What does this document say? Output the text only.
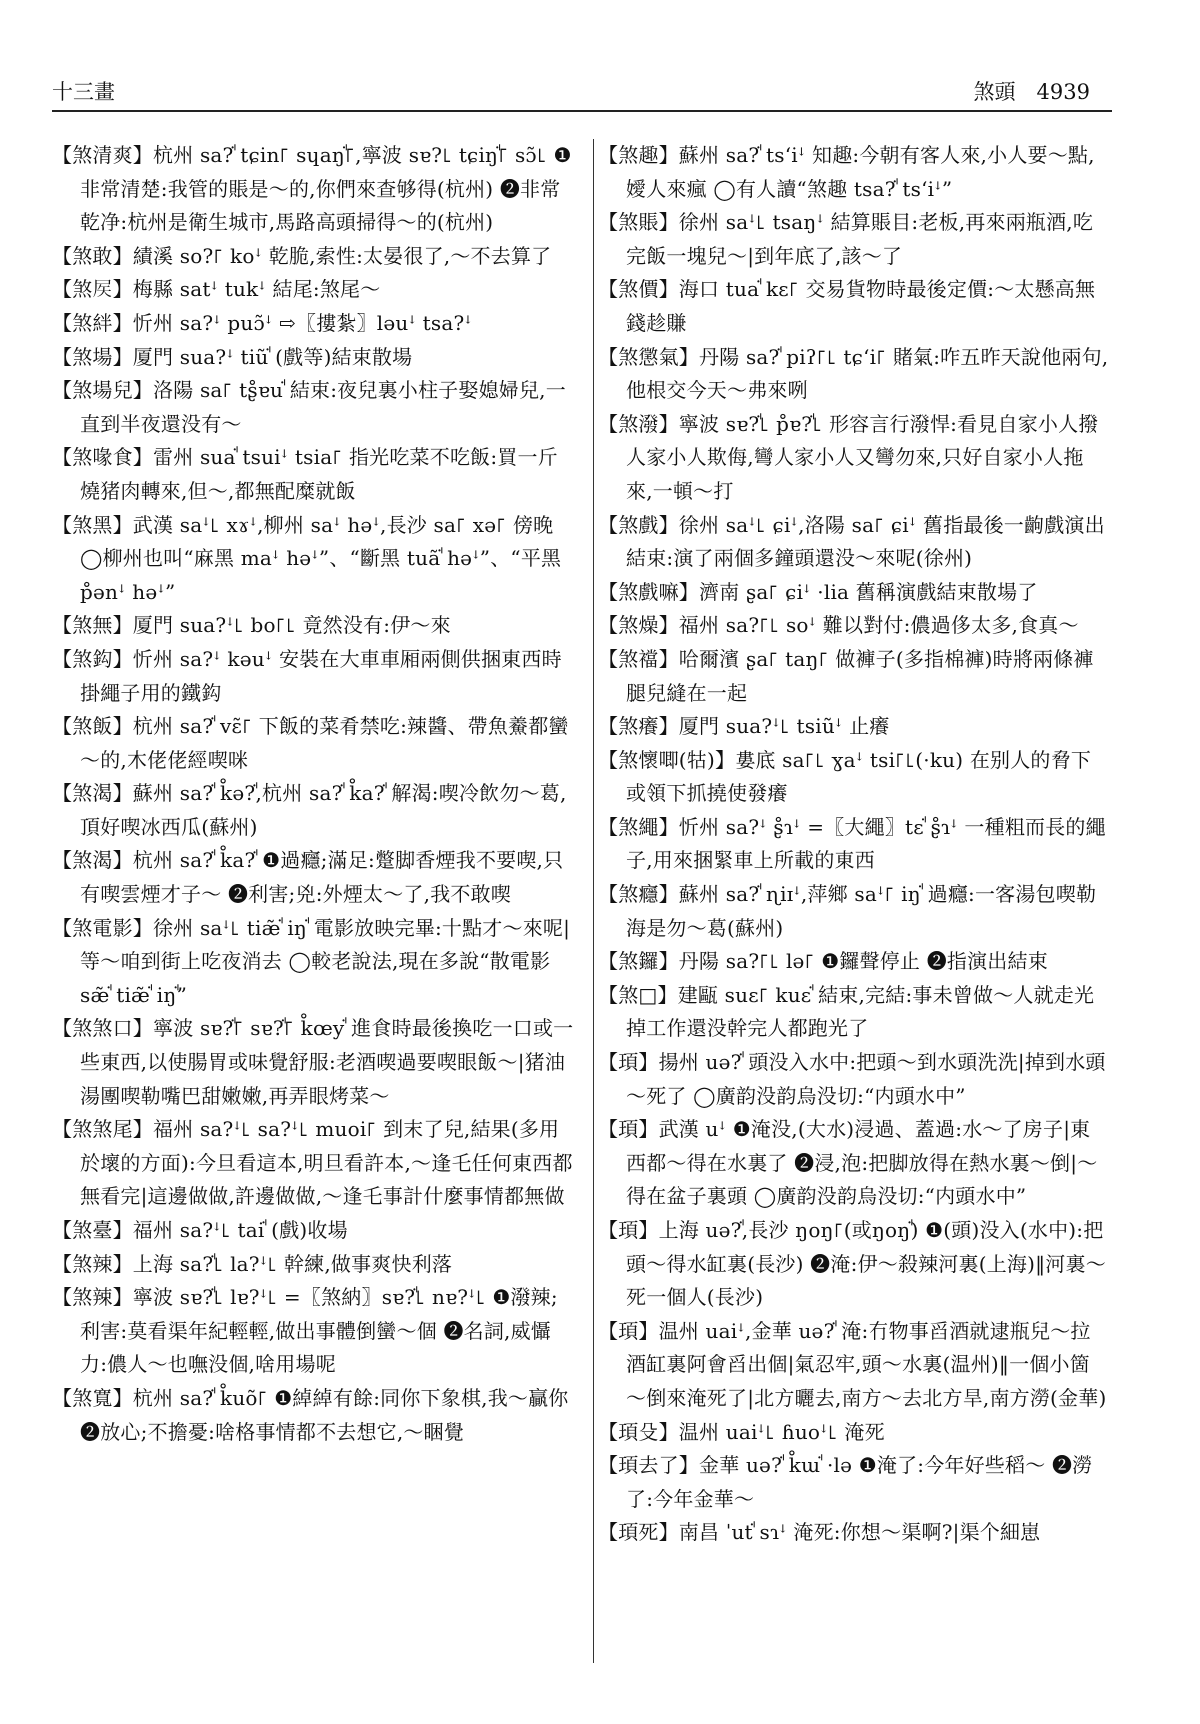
十三畫	煞頭　4939

【煞清爽】杭州 sa?ꜗ tɕin꜒ sɥaŋꜗ꜒,寧波 sɐ?꜖ tɕiŋꜗ꜒ sɔ̃꜖ ❶非常清楚:我管的賬是～的,你們來查够得(杭州) ❷非常乾净:杭州是衛生城市,馬路高頭掃得～的(杭州)

【煞敢】績溪 so?꜒ koꜜ 乾脆,索性:太晏很了,～不去算了

【煞𡱁】梅縣 satꜜ tukꜜ 結尾:煞尾～

【煞絆】忻州 sa?ꜜ puɔ̃ꜜ ⇨〖摟紮〗ləuꜜ tsa?ꜜ

【煞場】厦門 sua?ꜜ tiũꜗ (戲等)結束散場

【煞場兒】洛陽 sa꜒ tʂ̊ɐuꜗ 結束:夜兒裏小柱子娶媳婦兒,一直到半夜還没有～

【煞喙食】雷州 suaꜗ tsuiꜜ tsia꜒ 指光吃菜不吃飯:買一斤燒猪肉轉來,但～,都無配糜就飯

【煞黑】武漢 saꜜ꜖ xɤꜜ,柳州 saꜜ həꜜ,長沙 sa꜒ xə꜒ 傍晚 ◯柳州也叫“麻黑 maꜜ həꜜ”、“斷黑 tuãꜗ həꜜ”、“平黑 p̊ənꜜ həꜜ”

【煞無】厦門 sua?ꜜ꜖ bo꜒꜖ 竟然没有:伊～來

【煞鈎】忻州 sa?ꜜ kəuꜜ 安裝在大車車厢兩側供捆東西時掛繩子用的鐵鈎

【煞飯】杭州 sa?ꜗ vɛ̃꜒ 下飯的菜肴禁吃:辣醬、帶魚鯗都蠻～的,木佬佬經喫咪

【煞渴】蘇州 sa?ꜗ k̊ə?ꜗ,杭州 sa?ꜗ k̊a?ꜗ 解渴:喫冷飲勿～葛,頂好喫冰西瓜(蘇州)

【煞渴】杭州 sa?ꜗ k̊a?ꜗ ❶過癮;滿足:蹩脚香煙我不要喫,只有喫雲煙才子～ ❷利害;兇:外煙太～了,我不敢喫

【煞電影】徐州 saꜜ꜖ tiæ̃ꜗ iŋꜗ 電影放映完畢:十點才～來呢|等～咱到街上吃夜消去 ◯較老說法,現在多說“散電影 sæ̃ꜗ tiæ̃ꜗ iŋꜗ”

【煞煞口】寧波 sɐ?ꜗ꜒ sɐ?ꜗ꜒ k̊œyꜗ 進食時最後換吃一口或一些東西,以使腸胃或味覺舒服:老酒喫過要喫眼飯～|猪油湯團喫勒嘴巴甜嫩嫩,再弄眼烤菜～

【煞煞尾】福州 sa?ꜜ꜖ sa?ꜜ꜖ muoi꜒ 到末了兒,結果(多用於壞的方面):今旦看這本,明旦看許本,～逢乇任何東西都無看完|這邊做做,許邊做做,～逢乇事計什麼事情都無做

【煞臺】福州 sa?ꜜ꜖ taiꜗ (戲)收場

【煞辣】上海 sa?ꜗ꜖ la?ꜜ꜖ 幹練,做事爽快利落

【煞辣】寧波 sɐ?ꜗ꜖ lɐ?ꜜ꜖ =〖煞納〗sɐ?ꜗ꜖ nɐ?ꜜ꜖ ❶潑辣;利害:莫看渠年紀輕輕,做出事體倒蠻～個 ❷名詞,威懾力:儂人～也嘸没個,啥用場呢

【煞寬】杭州 sa?ꜗ k̊uõ꜒ ❶綽綽有餘:同你下象棋,我～贏你 ❷放心;不擔憂:啥格事情都不去想它,～睏覺

【煞趣】蘇州 sa?ꜗ tsʻiꜜ 知趣:今朝有客人來,小人要～點,嬡人來瘋 ◯有人讀“煞趣 tsa?ꜗ tsʻiꜜ”

【煞賬】徐州 saꜜ꜖ tsaŋꜜ 結算賬目:老板,再來兩瓶酒,吃完飯一塊兒～|到年底了,該～了

【煞價】海口 tuaꜗ kɛ꜒ 交易貨物時最後定價:～太懸高無錢趁賺

【煞懲氣】丹陽 sa?ꜗ piʔ꜒꜖ tɕʻi꜒ 賭氣:咋五昨天說他兩句,他根交今天～弗來咧

【煞潑】寧波 sɐ?ꜗ꜖ p̊ɐ?ꜗ꜖ 形容言行潑悍:看見自家小人撥人家小人欺侮,彎人家小人又彎勿來,只好自家小人拖來,一頓～打

【煞戲】徐州 saꜜ꜖ ɕiꜜ,洛陽 sa꜒ ɕiꜜ 舊指最後一齣戲演出結束:演了兩個多鐘頭還没～來呢(徐州)

【煞戲嘛】濟南 ʂa꜒ ɕiꜜ ·lia 舊稱演戲結束散場了

【煞燥】福州 sa?꜒꜖ soꜜ 難以對付:儂過侈太多,食真～

【煞襠】哈爾濱 ʂa꜒ taŋ꜒ 做褲子(多指棉褲)時將兩條褲腿兒縫在一起

【煞癢】厦門 sua?ꜜ꜖ tsiũꜜ 止癢

【煞懷唧(牯)】婁底 sa꜒꜖ ɣaꜜ tsi꜒꜖(·ku) 在别人的脅下或領下抓撓使發癢

【煞繩】忻州 sa?ꜜ ʂ̊ɿꜜ =〖大繩〗tɛꜗ ʂ̊ɿꜜ 一種粗而長的繩子,用來捆緊車上所載的東西

【煞癮】蘇州 sa?ꜗ ɳiɪꜜ,萍鄉 saꜜ꜒ iŋꜗ 過癮:一客湯包喫勒海是勿～葛(蘇州)

【煞鑼】丹陽 sa?꜒꜖ lə꜒ ❶鑼聲停止 ❷指演出結束

【煞□】建甌 suɛ꜒ kuɛꜗ 結束,完結:事未曾做～人就走光掉工作還没幹完人都跑光了

【頊】揚州 uə?ꜗ 頭没入水中:把頭～到水頭洗洗|掉到水頭～死了 ◯廣韵没韵烏没切:“内頭水中”

【頊】武漢 uꜜ ❶淹没,(大水)浸過、蓋過:水～了房子|東西都～得在水裏了 ❷浸,泡:把脚放得在熱水裏～倒|～得在盆子裏頭 ◯廣韵没韵烏没切:“内頭水中”

【頊】上海 uə?ꜗ,長沙 ŋoŋ꜒(或ŋoŋꜗ) ❶(頭)没入(水中):把頭～得水缸裏(長沙) ❷淹:伊～殺辣河裏(上海)‖河裏～死一個人(長沙)

【頊】温州 uaiꜜ,金華 uə?ꜗ 淹:冇物事舀酒就逮瓶兒～拉酒缸裏阿會舀出個|氣忍牢,頭～水裏(温州)‖一個小箇～倒來淹死了|北方曬去,南方～去北方旱,南方澇(金華)

【頊殳】温州 uaiꜜ꜖ ɦuoꜜ꜖ 淹死

【頊去了】金華 uə?ꜗ k̊ɯꜗ ·lə ❶淹了:今年好些稻～ ❷澇了:今年金華～

【頊死】南昌 ˈutꜗ sɿꜜ 淹死:你想～渠啊?|渠个細崽
